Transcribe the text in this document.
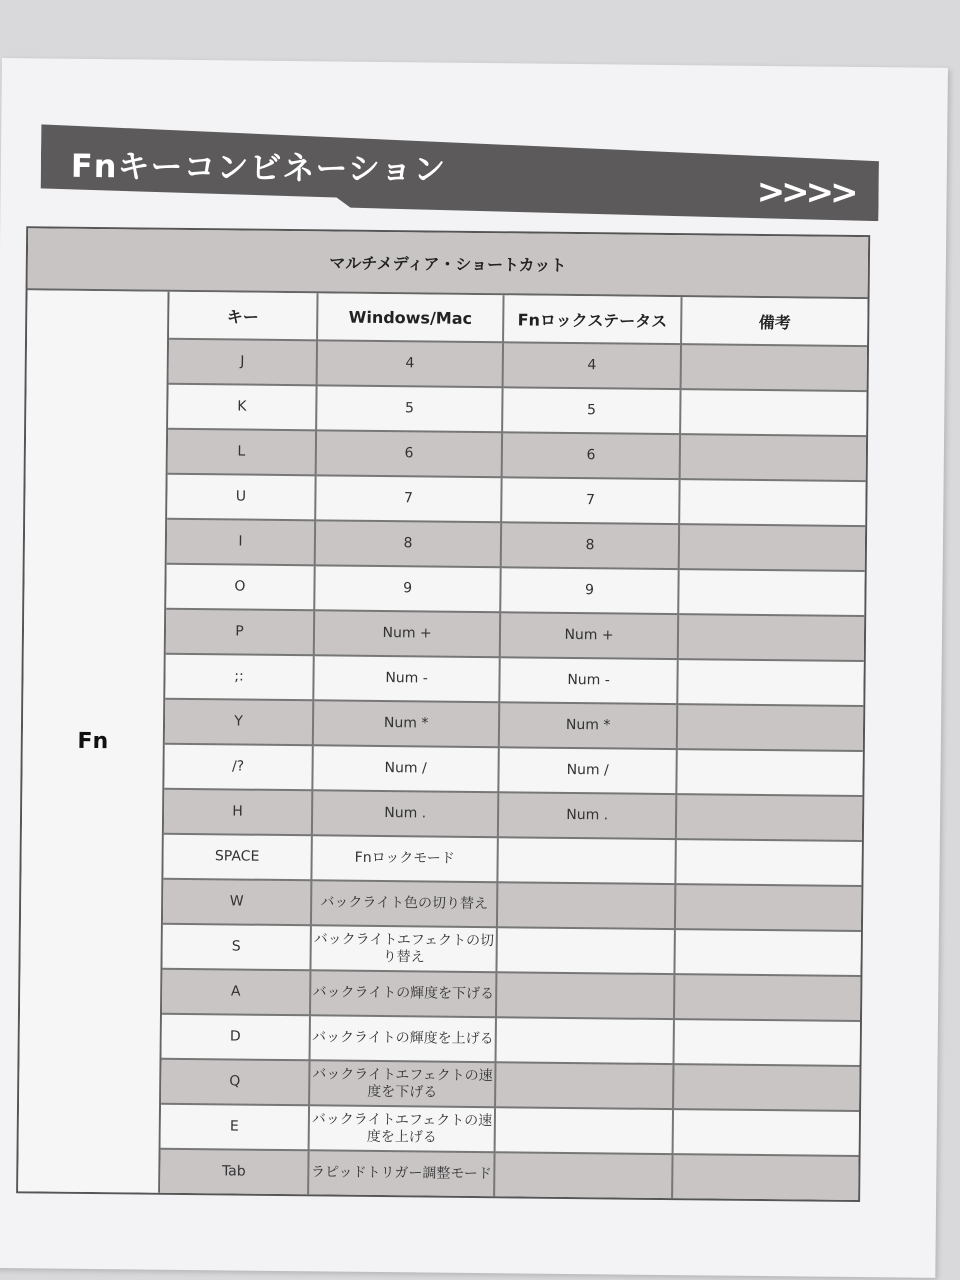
Fnキーコンビネーション
>>>>
マルチメディア・ショートカット
Fn
キー	Windows/Mac	Fnロックステータス	備考
J	4	4	
K	5	5	
L	6	6	
U	7	7	
I	8	8	
O	9	9	
P	Num +	Num +	
;:	Num -	Num -	
Y	Num *	Num *	
/?	Num /	Num /	
H	Num .	Num .	
SPACE	Fnロックモード		
W	バックライト色の切り替え		
S	バックライトエフェクトの切り替え		
A	バックライトの輝度を下げる		
D	バックライトの輝度を上げる		
Q	バックライトエフェクトの速度を下げる		
E	バックライトエフェクトの速度を上げる		
Tab	ラピッドトリガー調整モード		
